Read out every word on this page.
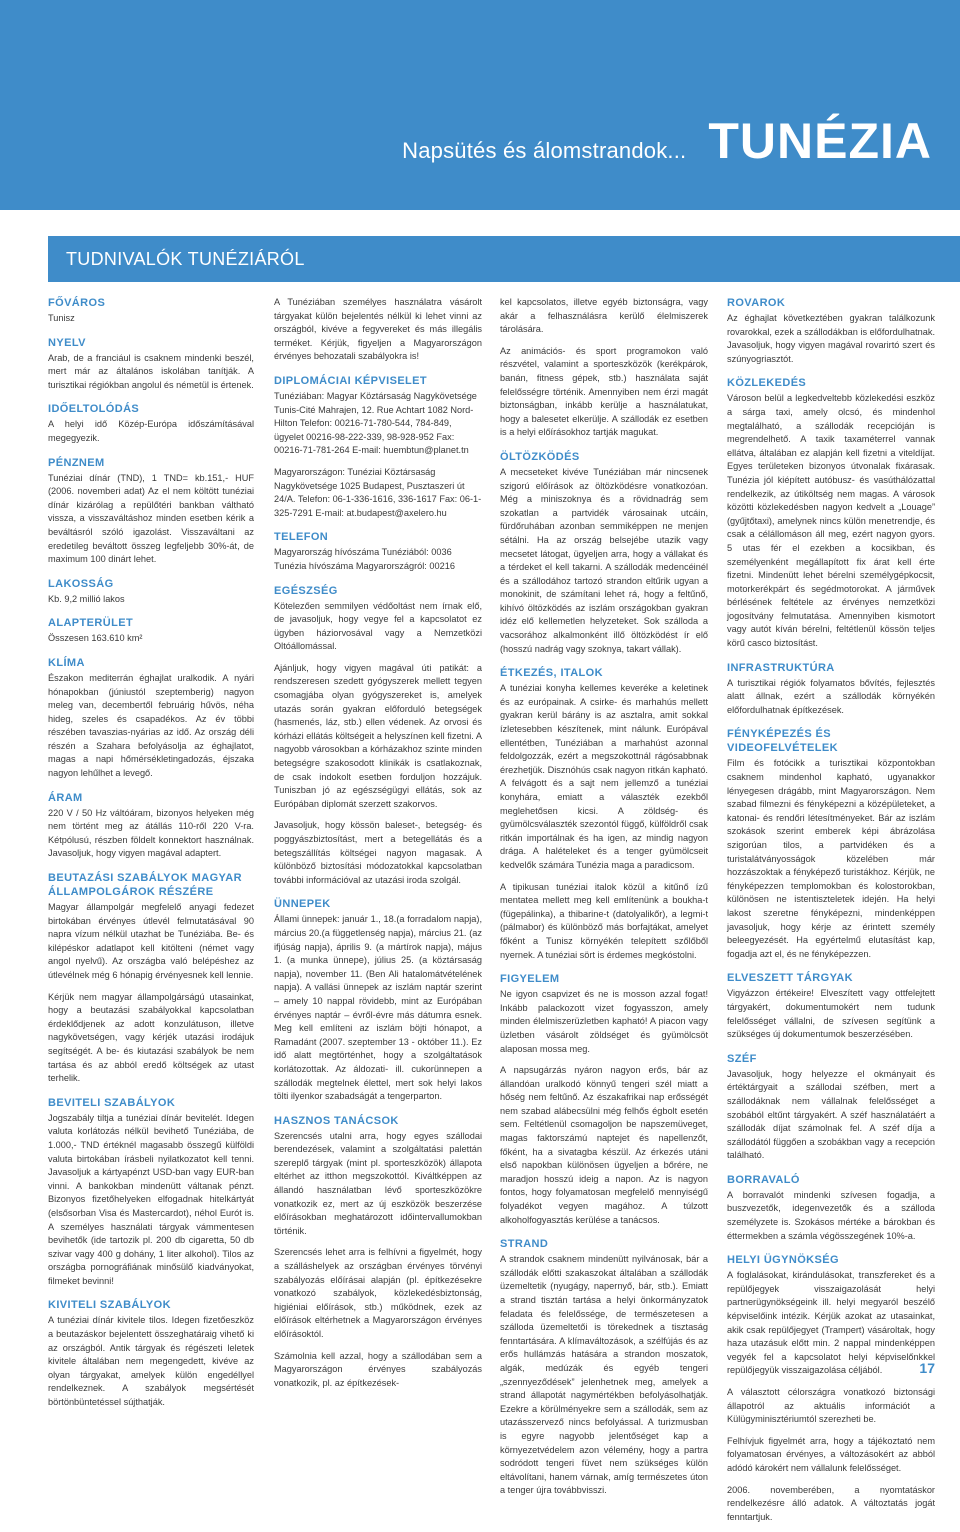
Napsütés és álomstrandok... TUNÉZIA
TUDNIVALÓK TUNÉZIÁRÓL
FŐVÁROS

Tunisz

NYELV

Arab, de a franciául is csaknem mindenki beszél, mert már az általános iskolában tanítják. A turisztikai régiókban angolul és németül is értenek.

IDŐELTOLÓDÁS

A helyi idő Közép-Európa időszámításával megegyezik.

PÉNZNEM

Tunéziai dínár (TND), 1 TND= kb.151,- HUF (2006. novemberi adat) Az el nem költött tunéziai dínár kizárólag a repülőtéri bankban váltható vissza, a visszaváltáshoz minden esetben kérik a beváltásról szóló igazolást. Visszaváltani az eredetileg beváltott összeg legfeljebb 30%-át, de maximum 100 dinárt lehet.

LAKOSSÁG

Kb. 9,2 millió lakos

ALAPTERÜLET

Összesen 163.610 km²

KLÍMA

Északon mediterrán éghajlat uralkodik. A nyári hónapokban (júniustól szeptemberig) nagyon meleg van, decembertől februárig hűvös, néha hideg, szeles és csapadékos. Az év többi részében tavaszias-nyárias az idő. Az ország déli részén a Szahara befolyásolja az éghajlatot, magas a napi hőmérsékletingadozás, éjszaka nagyon lehűlhet a levegő.

ÁRAM

220 V / 50 Hz váltóáram, bizonyos helyeken még nem történt meg az átállás 110-ről 220 V-ra. Kétpólusú, részben földelt konnektort használnak. Javasoljuk, hogy vigyen magával adaptert.

BEUTAZÁSI SZABÁLYOK MAGYAR ÁLLAMPOLGÁROK RÉSZÉRE

Magyar állampolgár megfelelő anyagi fedezet birtokában érvényes útlevél felmutatásával 90 napra vízum nélkül utazhat be Tunéziába. Be- és kilépéskor adatlapot kell kitölteni (német vagy angol nyelvű). Az országba való belépéshez az útlevélnek még 6 hónapig érvényesnek kell lennie.

Kérjük nem magyar állampolgárságú utasainkat, hogy a beutazási szabályokkal kapcsolatban érdeklődjenek az adott konzulátuson, illetve nagykövetségen, vagy kérjék utazási irodájuk segítségét. A be- és kiutazási szabályok be nem tartása és az abból eredő költségek az utast terhelik.

BEVITELI SZABÁLYOK

Jogszabály tiltja a tunéziai dínár bevitelét. Idegen valuta korlátozás nélkül bevihető Tunéziába, de 1.000,- TND értéknél magasabb összegű külföldi valuta birtokában írásbeli nyilatkozatot kell tenni. Javasoljuk a kártyapénzt USD-ban vagy EUR-ban vinni. A bankokban mindenütt váltanak pénzt. Bizonyos fizetőhelyeken elfogadnak hitelkártyát (elsősorban Visa és Mastercardot), néhol Eurót is. A személyes használati tárgyak vámmentesen bevihetők (ide tartozik pl. 200 db cigaretta, 50 db szivar vagy 400 g dohány, 1 liter alkohol). Tilos az országba pornográfiának minősülő kiadványokat, filmeket bevinni!

KIVITELI SZABÁLYOK

A tunéziai dínár kivitele tilos. Idegen fizetőeszköz a beutazáskor bejelentett összeghatáraig vihető ki az országból. Antik tárgyak és régészeti leletek kivitele általában nem megengedett, kivéve az olyan tárgyakat, amelyek külön engedéllyel rendelkeznek. A szabályok megsértését börtönbüntetéssel sújthatják.

A Tunéziában személyes használatra vásárolt tárgyakat külön bejelentés nélkül ki lehet vinni az országból, kivéve a fegyvereket és más illegális terméket. Kérjük, figyeljen a Magyarországon érvényes behozatali szabályokra is!

DIPLOMÁCIAI KÉPVISELET

Tunéziában: Magyar Köztársaság Nagykövetsége Tunis-Cité Mahrajen, 12. Rue Achtart 1082 Nord-Hilton Telefon: 00216-71-780-544, 784-849, ügyelet 00216-98-222-339, 98-928-952 Fax: 00216-71-781-264 E-mail: huembtun@planet.tn

Magyarországon: Tunéziai Köztársaság Nagykövetsége 1025 Budapest, Pusztaszeri út 24/A. Telefon: 06-1-336-1616, 336-1617 Fax: 06-1-325-7291 E-mail: at.budapest@axelero.hu

TELEFON

Magyarország hívószáma Tunéziából: 0036 Tunézia hívószáma Magyarországról: 00216

EGÉSZSÉG

Kötelezően semmilyen védőoltást nem írnak elő, de javasoljuk, hogy vegye fel a kapcsolatot ez ügyben háziorvosával vagy a Nemzetközi Oltóállomással.

Ajánljuk, hogy vigyen magával úti patikát: a rendszeresen szedett gyógyszerek mellett tegyen csomagjába olyan gyógyszereket is, amelyek utazás során gyakran előforduló betegségek (hasmenés, láz, stb.) ellen védenek. Az orvosi és kórházi ellátás költségeit a helyszínen kell fizetni. A nagyobb városokban a kórházakhoz szinte minden betegségre szakosodott klinikák is csatlakoznak, de csak indokolt esetben forduljon hozzájuk. Tuniszban jó az egészségügyi ellátás, sok az Európában diplomát szerzett szakorvos.

Javasoljuk, hogy kössön baleset-, betegség- és poggyászbiztosítást, mert a betegellátás és a betegszállítás költségei nagyon magasak. A különböző biztosítási módozatokkal kapcsolatban további információval az utazási iroda szolgál.

ÜNNEPEK

Állami ünnepek: január 1., 18.(a forradalom napja), március 20.(a függetlenség napja), március 21. (az ifjúság napja), április 9. (a mártírok napja), május 1. (a munka ünnepe), július 25. (a köztársaság napja), november 11. (Ben Ali hatalomátvételének napja). A vallási ünnepek az iszlám naptár szerint – amely 10 nappal rövidebb, mint az Európában érvényes naptár – évről-évre más dátumra esnek. Meg kell említeni az iszlám böjti hónapot, a Ramadánt (2007. szeptember 13 - október 11.). Ez idő alatt megtörténhet, hogy a szolgáltatások korlátozottak. Az áldozati- ill. cukorünnepen a szállodák megtelnek élettel, mert sok helyi lakos tölti ilyenkor szabadságát a tengerparton.

HASZNOS TANÁCSOK

Szerencsés utalni arra, hogy egyes szállodai berendezések, valamint a szolgáltatási palettán szereplő tárgyak (mint pl. sporteszközök) állapota eltérhet az itthon megszokottól. Kiváltképpen az állandó használatban lévő sporteszközökre vonatkozik ez, mert az új eszközök beszerzése előírásokban meghatározott időintervallumokban történik.

Szerencsés lehet arra is felhívni a figyelmét, hogy a szálláshelyek az országban érvényes törvényi szabályozás előírásai alapján (pl. építkezésekre vonatkozó szabályok, közlekedésbiztonság, higiéniai előírások, stb.) működnek, ezek az előírások eltérhetnek a Magyarországon érvényes előírásoktól.

Számolnia kell azzal, hogy a szállodában sem a Magyarországon érvényes szabályozás vonatkozik, pl. az építkezések-

kel kapcsolatos, illetve egyéb biztonságra, vagy akár a felhasználásra kerülő élelmiszerek tárolására.

Az animációs- és sport programokon való részvétel, valamint a sporteszközök (kerékpárok, banán, fitness gépek, stb.) használata saját felelősségre történik. Amennyiben nem érzi magát biztonságban, inkább kerülje a használatukat, hogy a balesetet elkerülje. A szállodák ez esetben is a helyi előírásokhoz tartják magukat.

ÖLTÖZKÖDÉS

A mecseteket kivéve Tunéziában már nincsenek szigorú előírások az öltözködésre vonatkozóan. Még a miniszoknya és a rövidnadrág sem szokatlan a partvidék városainak utcáin, fürdőruhában azonban semmiképpen ne menjen sétálni. Ha az ország belsejébe utazik vagy mecsetet látogat, ügyeljen arra, hogy a vállakat és a térdeket el kell takarni. A szállodák medencéinél és a szállodához tartozó strandon eltűrik ugyan a monokinit, de számítani lehet rá, hogy a feltűnő, kihívó öltözködés az iszlám országokban gyakran idéz elő kellemetlen helyzeteket. Sok szálloda a vacsorához alkalmonként illő öltözködést ír elő (hosszú nadrág vagy szoknya, takart vállak).

ÉTKEZÉS, ITALOK

A tunéziai konyha kellemes keveréke a keletinek és az európainak. A csirke- és marhahús mellett gyakran kerül bárány is az asztalra, amit sokkal ízletesebben készítenek, mint nálunk. Európával ellentétben, Tunéziában a marhahúst azonnal feldolgozzák, ezért a megszokottnál rágósabbnak érezhetjük. Disznóhús csak nagyon ritkán kapható. A felvágott és a sajt nem jellemző a tunéziai konyhára, emiatt a választék ezekből meglehetősen kicsi. A zöldség- és gyümölcsválaszték szezontól függő, külföldről csak ritkán importálnak és ha igen, az mindig nagyon drága. A halételeket és a tenger gyümölcseit kedvelők számára Tunézia maga a paradicsom.

A tipikusan tunéziai italok közül a kitűnő ízű mentatea mellett meg kell említenünk a boukha-t (fügepálinka), a thibarine-t (datolyalikőr), a legmi-t (pálmabor) és különböző más borfajtákat, amelyet főként a Tunisz környékén telepített szőlőből nyernek. A tunéziai sört is érdemes megkóstolni.

FIGYELEM

Ne igyon csapvizet és ne is mosson azzal fogat! Inkább palackozott vizet fogyasszon, amely minden élelmiszerüzletben kapható! A piacon vagy üzletben vásárolt zöldséget és gyümölcsöt alaposan mossa meg.

A napsugárzás nyáron nagyon erős, bár az állandóan uralkodó könnyű tengeri szél miatt a hőség nem feltűnő. Az északafrikai nap erősségét nem szabad alábecsülni még felhős égbolt esetén sem. Feltétlenül csomagoljon be napszemüveget, magas faktorszámú naptejet és napellenzőt, főként, ha a sivatagba készül. Az érkezés utáni első napokban különösen ügyeljen a bőrére, ne maradjon hosszú ideig a napon. Az is nagyon fontos, hogy folyamatosan megfelelő mennyiségű folyadékot vegyen magához. A túlzott alkoholfogyasztás kerülése a tanácsos.

STRAND

A strandok csaknem mindenütt nyilvánosak, bár a szállodák előtti szakaszokat általában a szállodák üzemeltetik (nyugágy, napernyő, bár, stb.). Emiatt a strand tisztán tartása a helyi önkormányzatok feladata és felelőssége, de természetesen a szálloda üzemeltetői is törekednek a tisztaság fenntartására. A klímaváltozások, a szélfújás és az erős hullámzás hatására a strandon moszatok, algák, medúzák és egyéb tengeri „szennyeződések” jelenhetnek meg, amelyek a strand állapotát nagymértékben befolyásolhatják. Ezekre a körülményekre sem a szállodák, sem az utazásszervező nincs befolyással. A turizmusban is egyre nagyobb jelentőséget kap a környezetvédelem azon vélemény, hogy a partra sodródott tengeri füvet nem szükséges külön eltávolítani, hanem várnak, amíg természetes úton a tenger újra továbbvisszi.

ROVAROK

Az éghajlat következtében gyakran találkozunk rovarokkal, ezek a szállodákban is előfordulhatnak. Javasoljuk, hogy vigyen magával rovarirtó szert és szúnyogriasztót.

KÖZLEKEDÉS

Városon belül a legkedveltebb közlekedési eszköz a sárga taxi, amely olcsó, és mindenhol megtalálható, a szállodák recepcióján is megrendelhető. A taxik taxaméterrel vannak ellátva, általában ez alapján kell fizetni a viteldíjat. Egyes területeken bizonyos útvonalak fixárasak. Tunézia jól kiépített autóbusz- és vasúthálózattal rendelkezik, az útiköltség nem magas. A városok közötti közlekedésben nagyon kedvelt a „Louage” (gyűjtőtaxi), amelynek nincs külön menetrendje, és csak a célállomáson áll meg, ezért nagyon gyors. 5 utas fér el ezekben a kocsikban, és személyenként megállapított fix árat kell érte fizetni. Mindenütt lehet bérelni személygépkocsit, motorkerékpárt és segédmotorokat. A járművek bérlésének feltétele az érvényes nemzetközi jogosítvány felmutatása. Amennyiben kismotort vagy autót kíván bérelni, feltétlenül kössön teljes körű casco biztosítást.

INFRASTRUKTÚRA

A turisztikai régiók folyamatos bővítés, fejlesztés alatt állnak, ezért a szállodák környékén előfordulhatnak építkezések.

FÉNYKÉPEZÉS ÉS VIDEOFELVÉTELEK

Film és fotócikk a turisztikai központokban csaknem mindenhol kapható, ugyanakkor lényegesen drágább, mint Magyarországon. Nem szabad filmezni és fényképezni a középületeket, a katonai- és rendőri létesítményeket. Bár az iszlám szokások szerint emberek képi ábrázolása szigorúan tilos, a partvidéken és a turistalátványosságok közelében már hozzászoktak a fényképező turistákhoz. Kérjük, ne fényképezzen templomokban és kolostorokban, különösen ne istentiszteletek idején. Ha helyi lakost szeretne fényképezni, mindenképpen javasoljuk, hogy kérje az érintett személy beleegyezését. Ha egyértelmű elutasítást kap, fogadja azt el, és ne fényképezzen.

ELVESZETT TÁRGYAK

Vigyázzon értékeire! Elveszített vagy ottfelejtett tárgyakért, dokumentumokért nem tudunk felelősséget vállalni, de szívesen segítünk a szükséges új dokumentumok beszerzésében.

SZÉF

Javasoljuk, hogy helyezze el okmányait és értéktárgyait a szállodai széfben, mert a szállodáknak nem vállalnak felelősséget a szobából eltűnt tárgyakért. A széf használatáért a szállodák díjat számolnak fel. A széf díja a szállodától függően a szobákban vagy a recepción található.

BORRAVALÓ

A borravalót mindenki szívesen fogadja, a buszvezetők, idegenvezetők és a szálloda személyzete is. Szokásos mértéke a bárokban és éttermekben a számla végösszegének 10%-a.

HELYI ÜGYNÖKSÉG

A foglalásokat, kirándulásokat, transzfereket és a repülőjegyek visszaigazolását helyi partnerügynökségeink ill. helyi megyaról beszélő képviselőink intézik. Kérjük azokat az utasainkat, akik csak repülőjegyet (Trampert) vásároltak, hogy haza utazásuk előtt min. 2 nappal mindenképpen vegyék fel a kapcsolatot helyi képviselőnkkel repülőjegyük visszaigazolása céljából.

A választott célországra vonatkozó biztonsági állapotról az aktuális információt a Külügyminisztériumtól szerezheti be.

Felhívjuk figyelmét arra, hogy a tájékoztató nem folyamatosan érvényes, a változásokért az abból adódó károkért nem vállalunk felelősséget.

2006. novemberében, a nyomtatáskor rendelkezésre álló adatok. A változtatás jogát fenntartjuk.

17
